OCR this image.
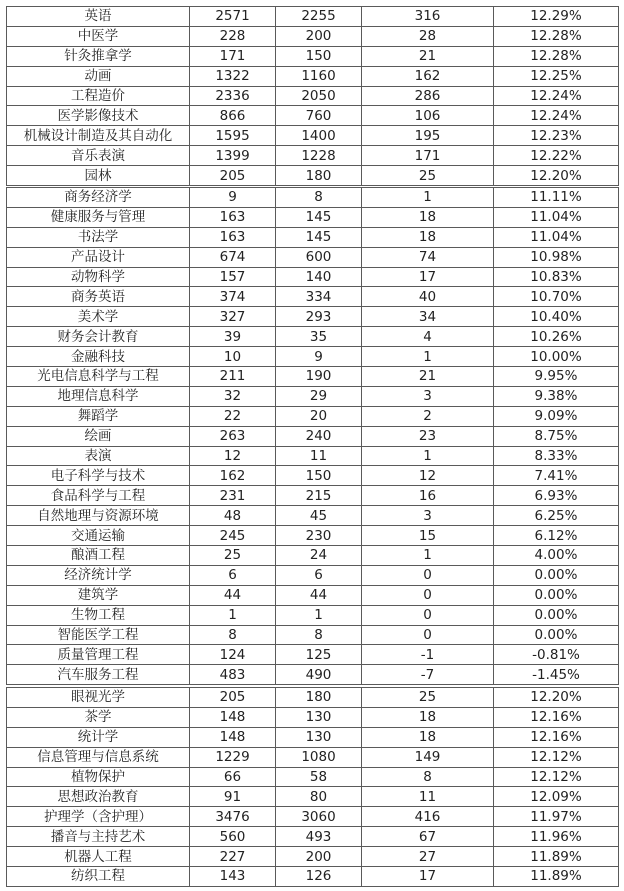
英语	2571	2255	316	12.29%
中医学	228	200	28	12.28%
针灸推拿学	171	150	21	12.28%
动画	1322	1160	162	12.25%
工程造价	2336	2050	286	12.24%
医学影像技术	866	760	106	12.24%
机械设计制造及其自动化	1595	1400	195	12.23%
音乐表演	1399	1228	171	12.22%
园林	205	180	25	12.20%
商务经济学	9	8	1	11.11%
健康服务与管理	163	145	18	11.04%
书法学	163	145	18	11.04%
产品设计	674	600	74	10.98%
动物科学	157	140	17	10.83%
商务英语	374	334	40	10.70%
美术学	327	293	34	10.40%
财务会计教育	39	35	4	10.26%
金融科技	10	9	1	10.00%
光电信息科学与工程	211	190	21	9.95%
地理信息科学	32	29	3	9.38%
舞蹈学	22	20	2	9.09%
绘画	263	240	23	8.75%
表演	12	11	1	8.33%
电子科学与技术	162	150	12	7.41%
食品科学与工程	231	215	16	6.93%
自然地理与资源环境	48	45	3	6.25%
交通运输	245	230	15	6.12%
酿酒工程	25	24	1	4.00%
经济统计学	6	6	0	0.00%
建筑学	44	44	0	0.00%
生物工程	1	1	0	0.00%
智能医学工程	8	8	0	0.00%
质量管理工程	124	125	-1	-0.81%
汽车服务工程	483	490	-7	-1.45%
眼视光学	205	180	25	12.20%
茶学	148	130	18	12.16%
统计学	148	130	18	12.16%
信息管理与信息系统	1229	1080	149	12.12%
植物保护	66	58	8	12.12%
思想政治教育	91	80	11	12.09%
护理学（含护理）	3476	3060	416	11.97%
播音与主持艺术	560	493	67	11.96%
机器人工程	227	200	27	11.89%
纺织工程	143	126	17	11.89%
